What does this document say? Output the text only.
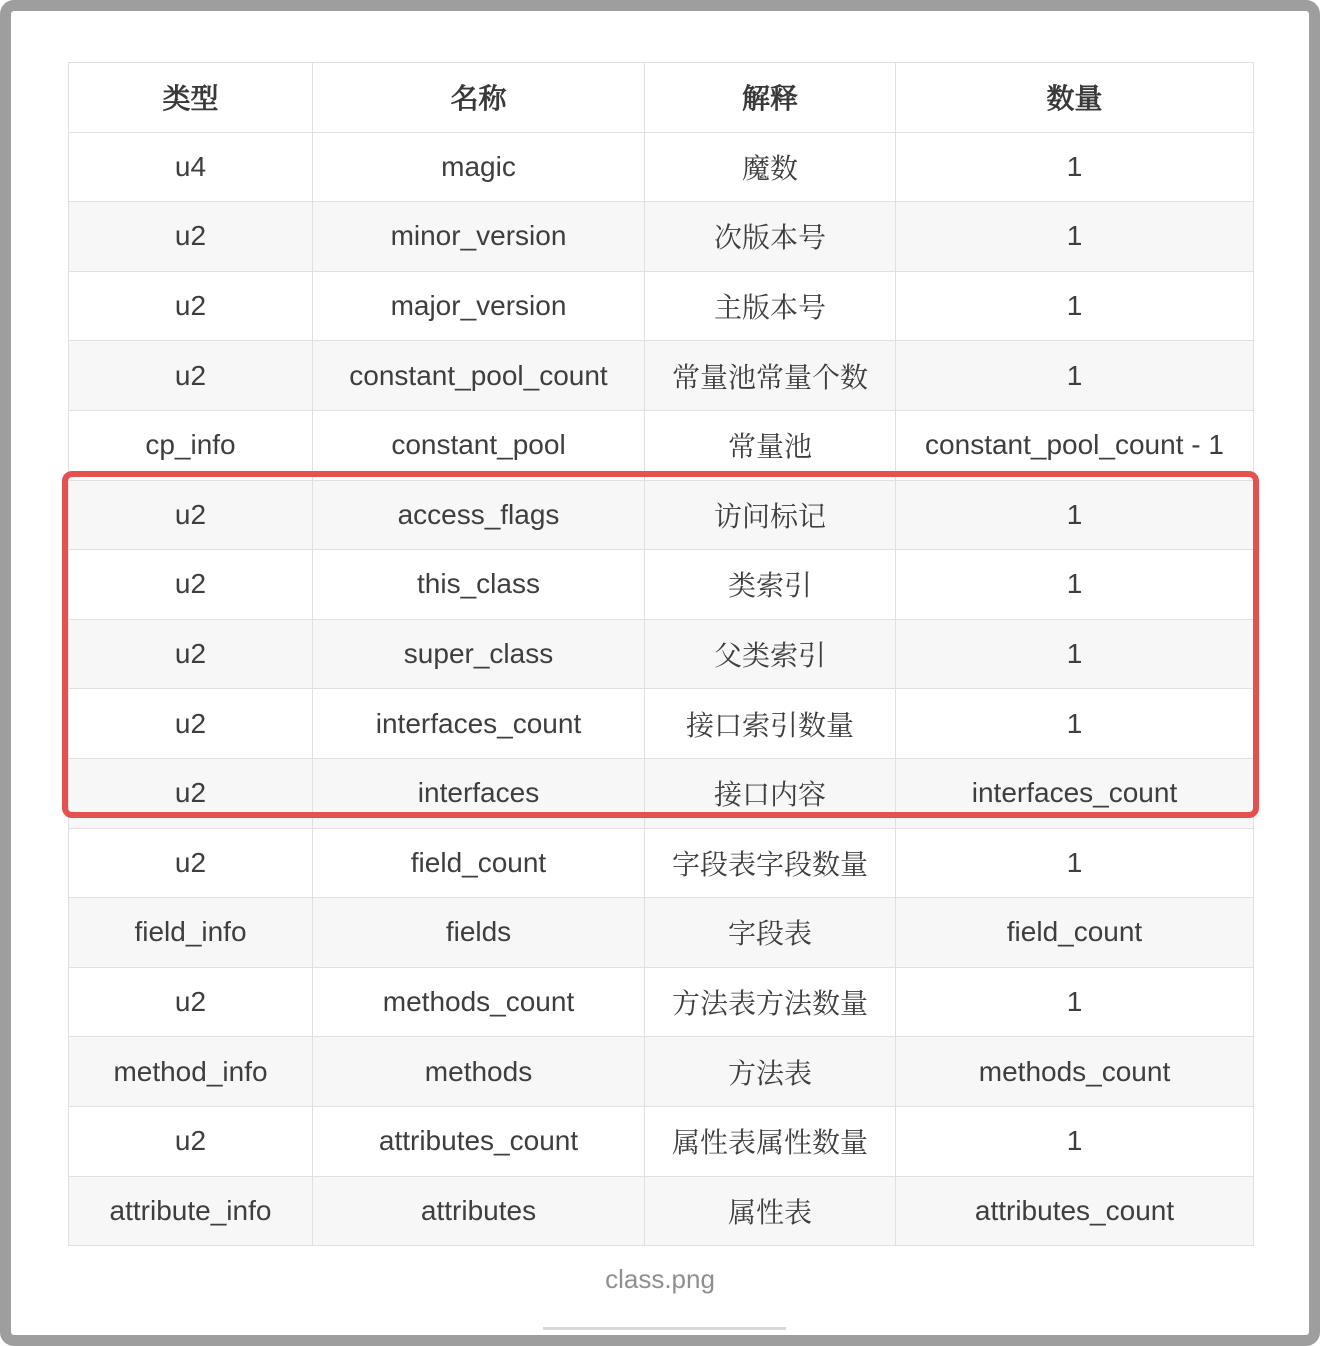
类型	名称	解释	数量
u4	magic	魔数	1
u2	minor_version	次版本号	1
u2	major_version	主版本号	1
u2	constant_pool_count	常量池常量个数	1
cp_info	constant_pool	常量池	constant_pool_count - 1
u2	access_flags	访问标记	1
u2	this_class	类索引	1
u2	super_class	父类索引	1
u2	interfaces_count	接口索引数量	1
u2	interfaces	接口内容	interfaces_count
u2	field_count	字段表字段数量	1
field_info	fields	字段表	field_count
u2	methods_count	方法表方法数量	1
method_info	methods	方法表	methods_count
u2	attributes_count	属性表属性数量	1
attribute_info	attributes	属性表	attributes_count
class.png
